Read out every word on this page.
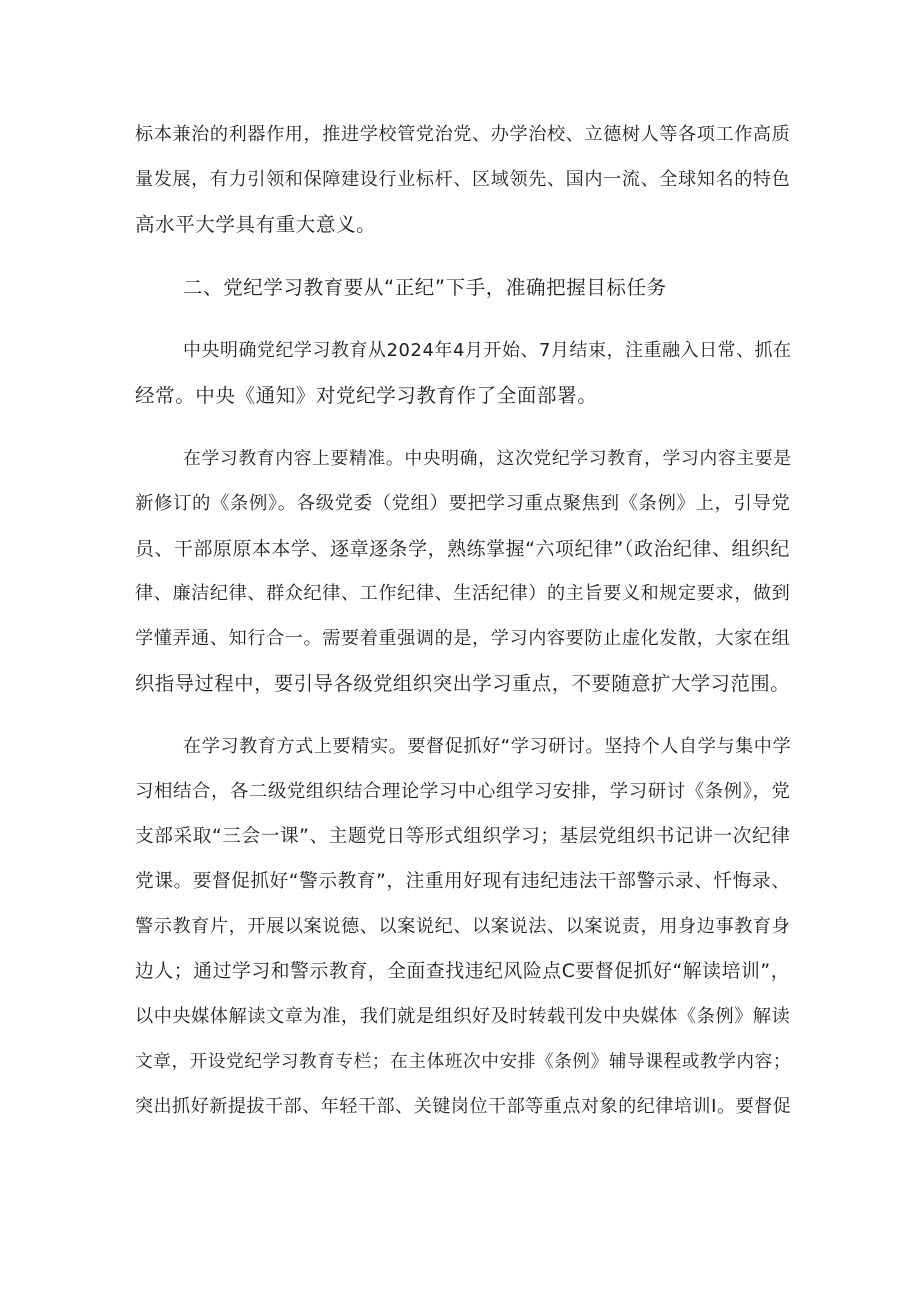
标本兼治的利器作用，推进学校管党治党、办学治校、立德树人等各项工作高质
量发展，有力引领和保障建设行业标杆、区域领先、国内一流、全球知名的特色
高水平大学具有重大意义。
二、党纪学习教育要从“正纪”下手，准确把握目标任务
中央明确党纪学习教育从2024年4月开始、7月结束，注重融入日常、抓在
经常。中央《通知》对党纪学习教育作了全面部署。
在学习教育内容上要精准。中央明确，这次党纪学习教育，学习内容主要是
新修订的《条例》。各级党委（党组）要把学习重点聚焦到《条例》上，引导党
员、干部原原本本学、逐章逐条学，熟练掌握“六项纪律”（政治纪律、组织纪
律、廉洁纪律、群众纪律、工作纪律、生活纪律）的主旨要义和规定要求，做到
学懂弄通、知行合一。需要着重强调的是，学习内容要防止虚化发散，大家在组
织指导过程中，要引导各级党组织突出学习重点，不要随意扩大学习范围。
在学习教育方式上要精实。要督促抓好“学习研讨。坚持个人自学与集中学
习相结合，各二级党组织结合理论学习中心组学习安排，学习研讨《条例》，党
支部采取“三会一课”、主题党日等形式组织学习；基层党组织书记讲一次纪律
党课。要督促抓好“警示教育”，注重用好现有违纪违法干部警示录、忏悔录、
警示教育片，开展以案说德、以案说纪、以案说法、以案说责，用身边事教育身
边人；通过学习和警示教育，全面查找违纪风险点C要督促抓好“解读培训”，
以中央媒体解读文章为准，我们就是组织好及时转载刊发中央媒体《条例》解读
文章，开设党纪学习教育专栏；在主体班次中安排《条例》辅导课程或教学内容；
突出抓好新提拔干部、年轻干部、关键岗位干部等重点对象的纪律培训I。要督促
